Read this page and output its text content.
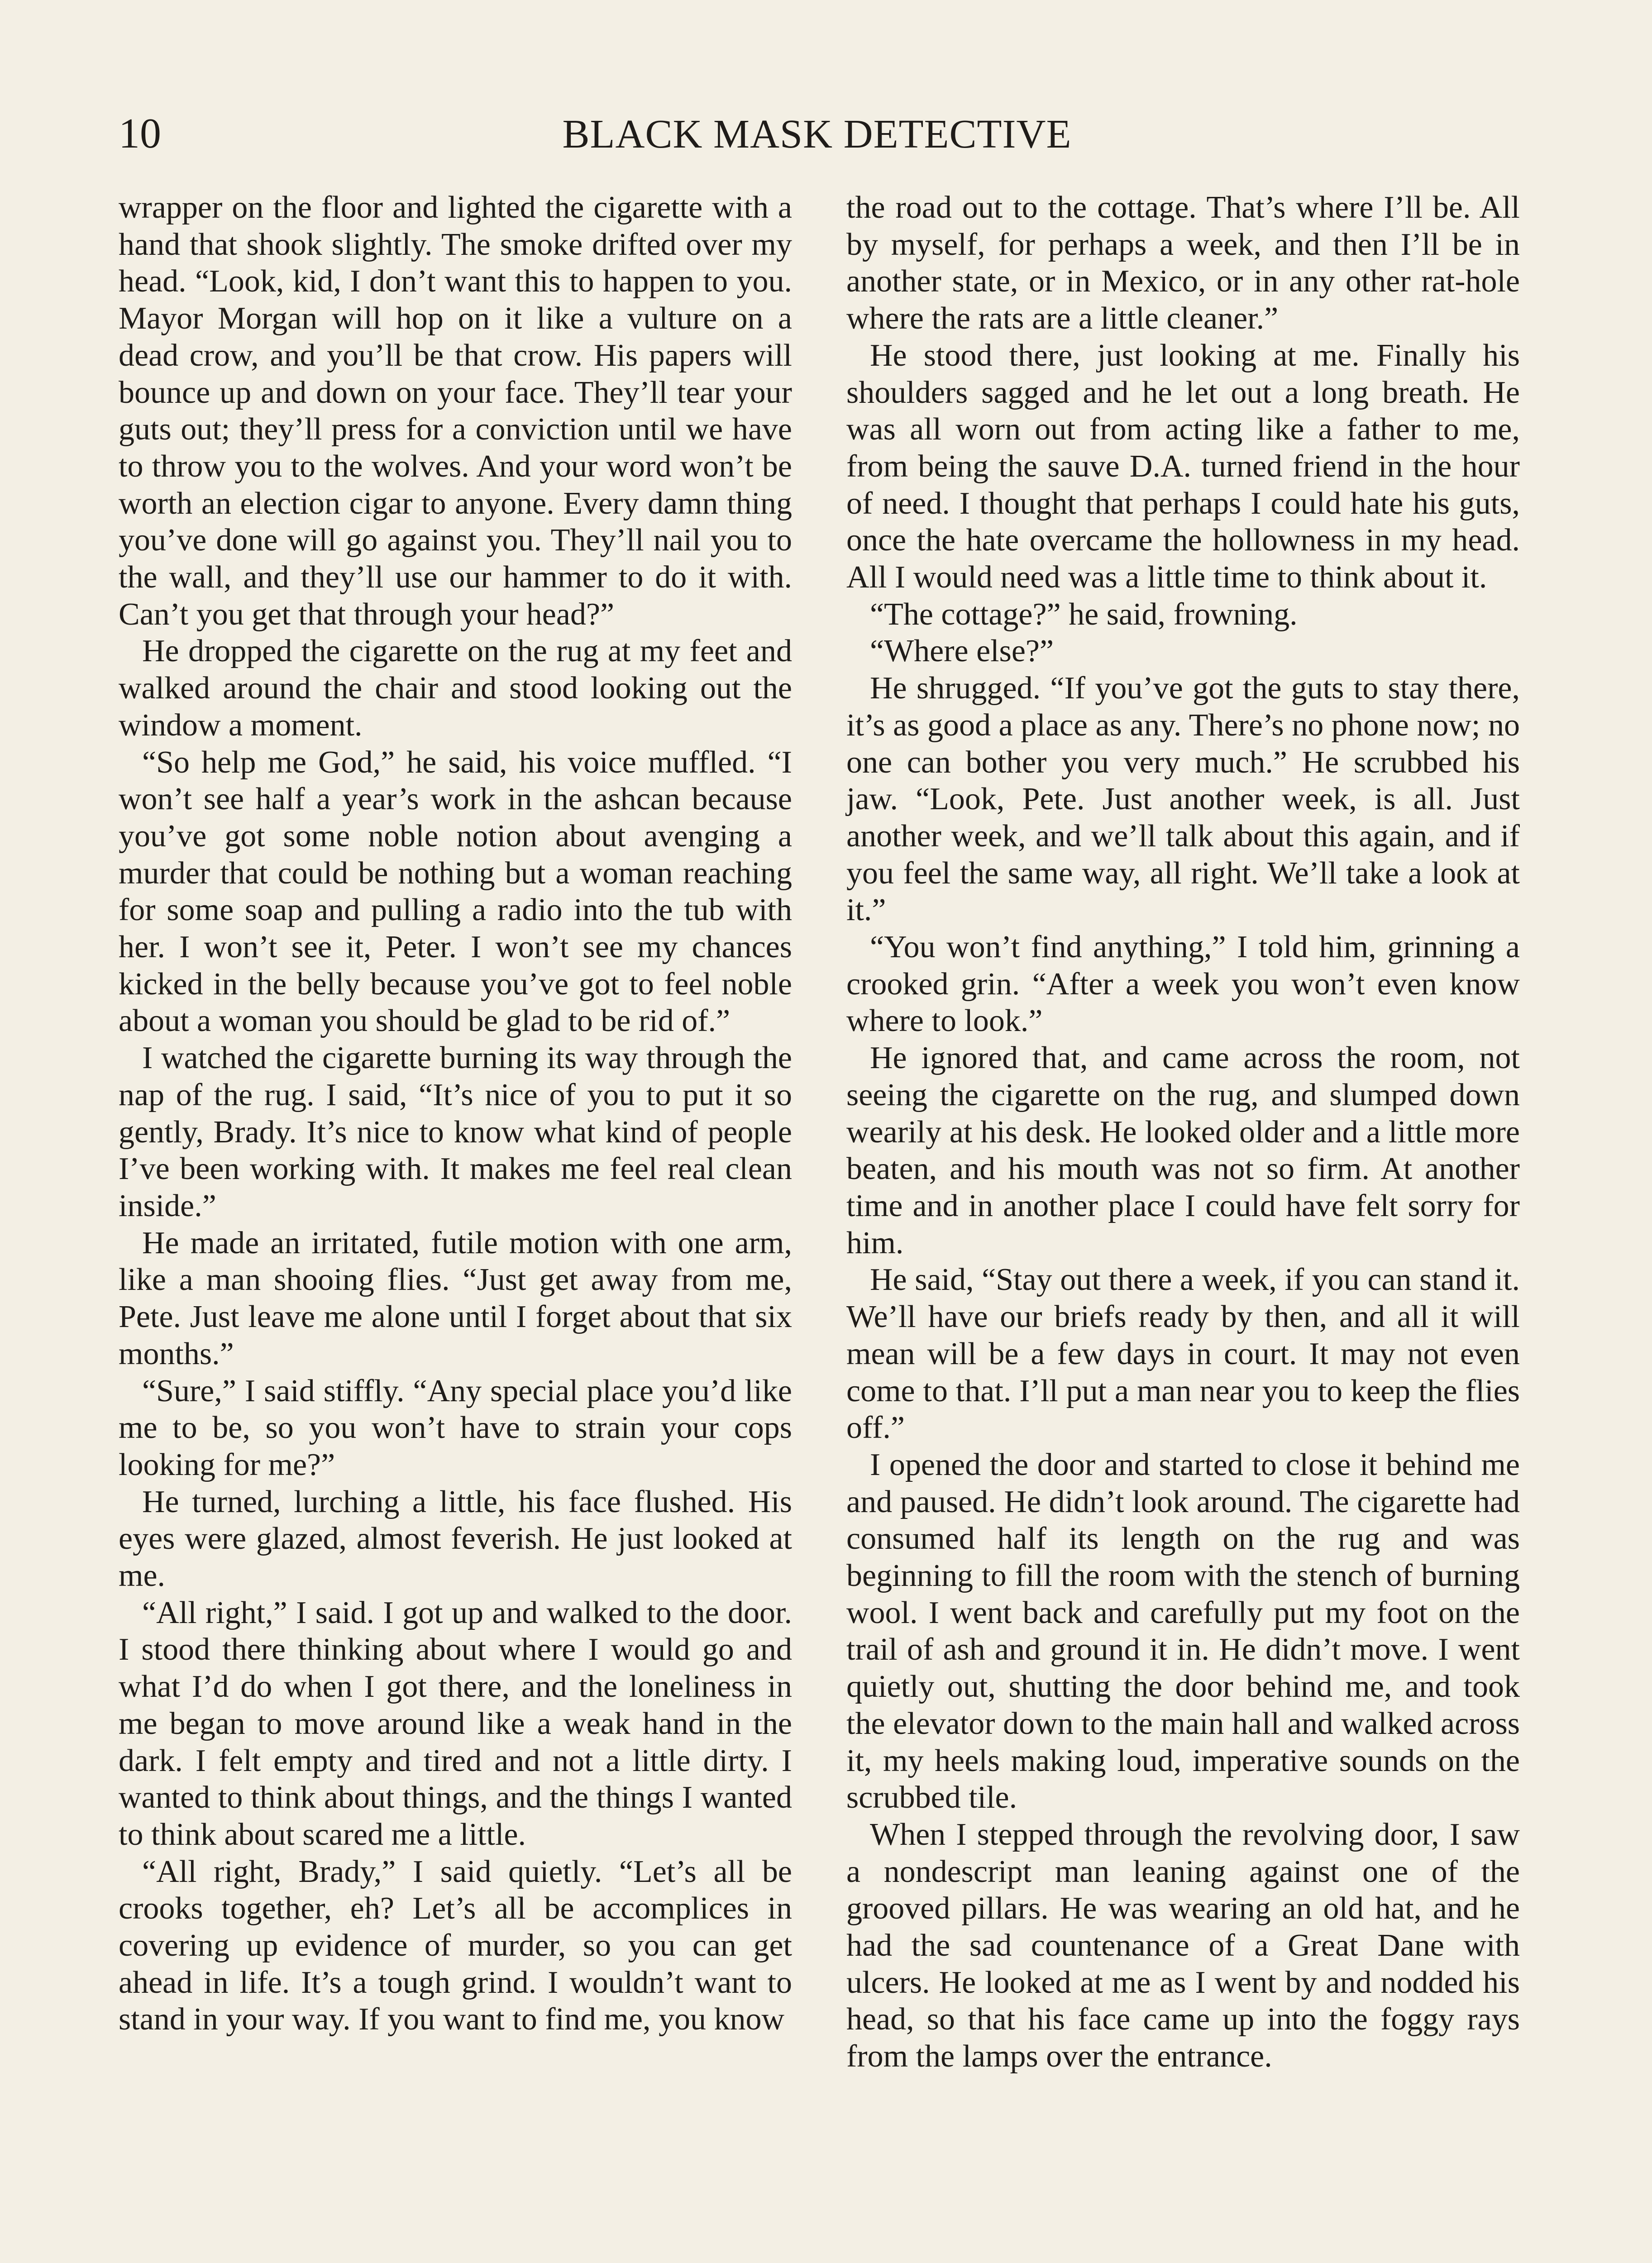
10	BLACK MASK DETECTIVE

wrapper on the floor and lighted the cigarette with a hand that shook slightly. The smoke drifted over my head. “Look, kid, I don’t want this to happen to you. Mayor Morgan will hop on it like a vulture on a dead crow, and you’ll be that crow. His papers will bounce up and down on your face. They’ll tear your guts out; they’ll press for a conviction until we have to throw you to the wolves. And your word won’t be worth an election cigar to anyone. Every damn thing you’ve done will go against you. They’ll nail you to the wall, and they’ll use our hammer to do it with. Can’t you get that through your head?”

He dropped the cigarette on the rug at my feet and walked around the chair and stood looking out the window a moment.

“So help me God,” he said, his voice muffled. “I won’t see half a year’s work in the ashcan because you’ve got some noble notion about avenging a murder that could be nothing but a woman reaching for some soap and pulling a radio into the tub with her. I won’t see it, Peter. I won’t see my chances kicked in the belly because you’ve got to feel noble about a woman you should be glad to be rid of.”

I watched the cigarette burning its way through the nap of the rug. I said, “It’s nice of you to put it so gently, Brady. It’s nice to know what kind of people I’ve been working with. It makes me feel real clean inside.”

He made an irritated, futile motion with one arm, like a man shooing flies. “Just get away from me, Pete. Just leave me alone until I forget about that six months.”

“Sure,” I said stiffly. “Any special place you’d like me to be, so you won’t have to strain your cops looking for me?”

He turned, lurching a little, his face flushed. His eyes were glazed, almost feverish. He just looked at me.

“All right,” I said. I got up and walked to the door. I stood there thinking about where I would go and what I’d do when I got there, and the loneliness in me began to move around like a weak hand in the dark. I felt empty and tired and not a little dirty. I wanted to think about things, and the things I wanted to think about scared me a little.

“All right, Brady,” I said quietly. “Let’s all be crooks together, eh? Let’s all be accomplices in covering up evidence of murder, so you can get ahead in life. It’s a tough grind. I wouldn’t want to stand in your way. If you want to find me, you know

the road out to the cottage. That’s where I’ll be. All by myself, for perhaps a week, and then I’ll be in another state, or in Mexico, or in any other rat-hole where the rats are a little cleaner.”

He stood there, just looking at me. Finally his shoulders sagged and he let out a long breath. He was all worn out from acting like a father to me, from being the sauve D.A. turned friend in the hour of need. I thought that perhaps I could hate his guts, once the hate overcame the hollowness in my head. All I would need was a little time to think about it.

“The cottage?” he said, frowning.

“Where else?”

He shrugged. “If you’ve got the guts to stay there, it’s as good a place as any. There’s no phone now; no one can bother you very much.” He scrubbed his jaw. “Look, Pete. Just another week, is all. Just another week, and we’ll talk about this again, and if you feel the same way, all right. We’ll take a look at it.”

“You won’t find anything,” I told him, grinning a crooked grin. “After a week you won’t even know where to look.”

He ignored that, and came across the room, not seeing the cigarette on the rug, and slumped down wearily at his desk. He looked older and a little more beaten, and his mouth was not so firm. At another time and in another place I could have felt sorry for him.

He said, “Stay out there a week, if you can stand it. We’ll have our briefs ready by then, and all it will mean will be a few days in court. It may not even come to that. I’ll put a man near you to keep the flies off.”

I opened the door and started to close it behind me and paused. He didn’t look around. The cigarette had consumed half its length on the rug and was beginning to fill the room with the stench of burning wool. I went back and carefully put my foot on the trail of ash and ground it in. He didn’t move. I went quietly out, shutting the door behind me, and took the elevator down to the main hall and walked across it, my heels making loud, imperative sounds on the scrubbed tile.

When I stepped through the revolving door, I saw a nondescript man leaning against one of the grooved pillars. He was wearing an old hat, and he had the sad countenance of a Great Dane with ulcers. He looked at me as I went by and nodded his head, so that his face came up into the foggy rays from the lamps over the entrance.
